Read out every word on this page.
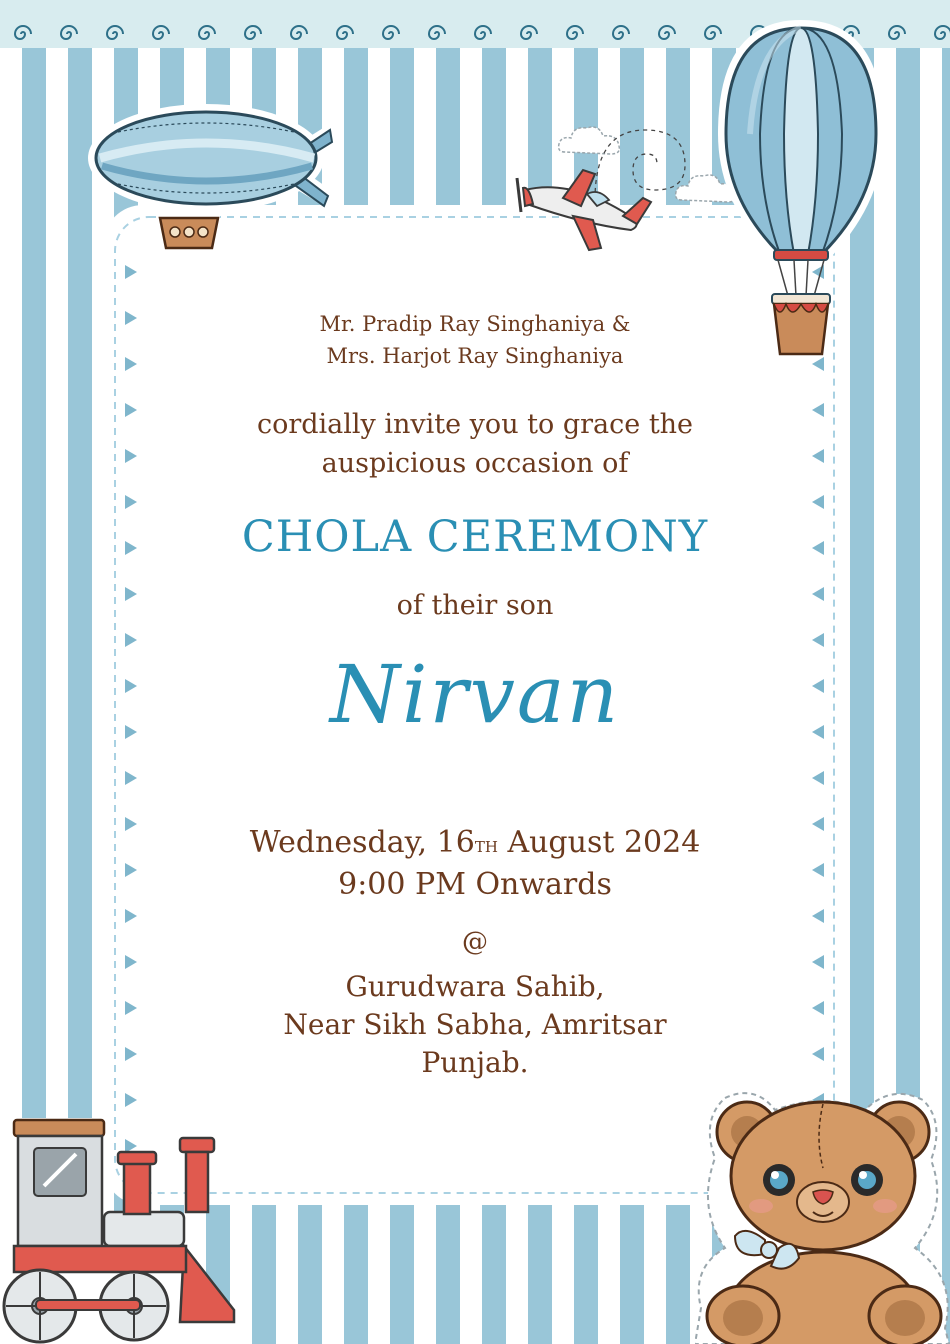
Mr. Pradip Ray Singhaniya &
Mrs. Harjot Ray Singhaniya
cordially invite you to grace the
auspicious occasion of
CHOLA CEREMONY
of their son
Nirvan
Wednesday, 16TH August 2024
9:00 PM Onwards
@
Gurudwara Sahib,
Near Sikh Sabha, Amritsar
Punjab.
